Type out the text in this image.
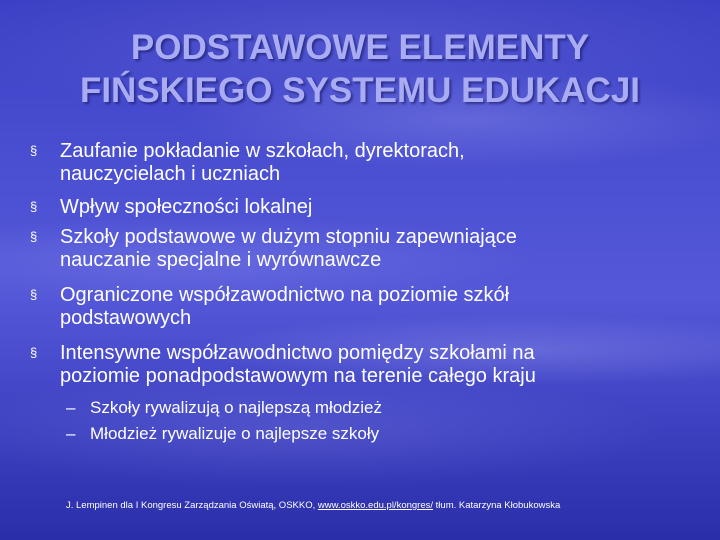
PODSTAWOWE ELEMENTY
FIŃSKIEGO SYSTEMU EDUKACJI
§	Zaufanie pokładanie w szkołach, dyrektorach,
nauczycielach i uczniach
§	Wpływ społeczności lokalnej
§	Szkoły podstawowe w dużym stopniu zapewniające
nauczanie specjalne i wyrównawcze
§	Ograniczone współzawodnictwo na poziomie szkół
podstawowych
§	Intensywne współzawodnictwo pomiędzy szkołami na
poziomie ponadpodstawowym na terenie całego kraju
– Szkoły rywalizują o najlepszą młodzież
– Młodzież rywalizuje o najlepsze szkoły
J. Lempinen dla I Kongresu Zarządzania Oświatą, OSKKO, www.oskko.edu.pl/kongres/ tłum. Katarzyna Kłobukowska
